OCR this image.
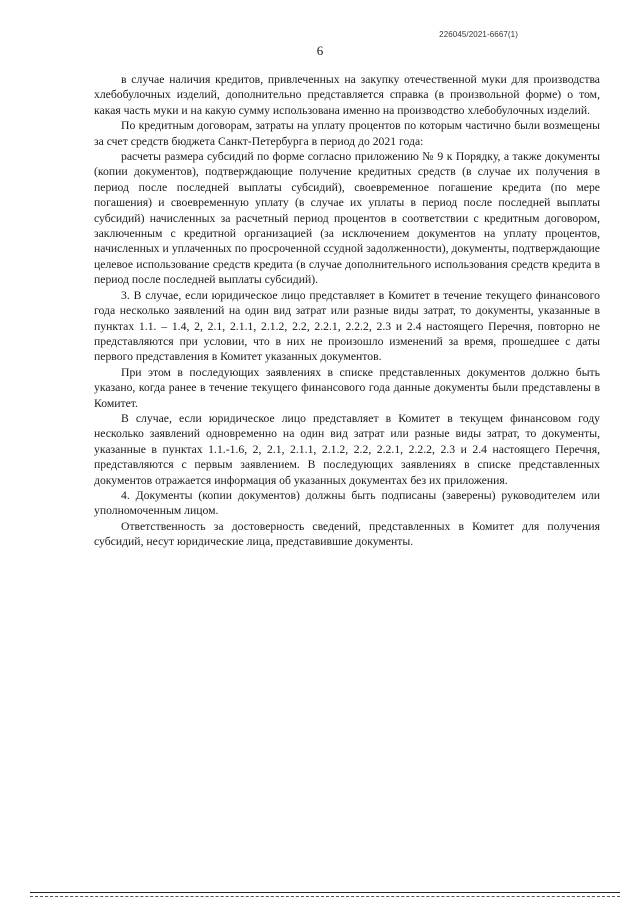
226045/2021-6667(1)
6

в случае наличия кредитов, привлеченных на закупку отечественной муки для производства хлебобулочных изделий, дополнительно представляется справка (в произвольной форме) о том, какая часть муки и на какую сумму использована именно на производство хлебобулочных изделий.

По кредитным договорам, затраты на уплату процентов по которым частично были возмещены за счет средств бюджета Санкт-Петербурга в период до 2021 года:

расчеты размера субсидий по форме согласно приложению № 9 к Порядку, а также документы (копии документов), подтверждающие получение кредитных средств (в случае их получения в период после последней выплаты субсидий), своевременное погашение кредита (по мере погашения) и своевременную уплату (в случае их уплаты в период после последней выплаты субсидий) начисленных за расчетный период процентов в соответствии с кредитным договором, заключенным с кредитной организацией (за исключением документов на уплату процентов, начисленных и уплаченных по просроченной ссудной задолженности), документы, подтверждающие целевое использование средств кредита (в случае дополнительного использования средств кредита в период после последней выплаты субсидий).

3. В случае, если юридическое лицо представляет в Комитет в течение текущего финансового года несколько заявлений на один вид затрат или разные виды затрат, то документы, указанные в пунктах 1.1. – 1.4, 2, 2.1, 2.1.1, 2.1.2, 2.2, 2.2.1, 2.2.2, 2.3 и 2.4 настоящего Перечня, повторно не представляются при условии, что в них не произошло изменений за время, прошедшее с даты первого представления в Комитет указанных документов.

При этом в последующих заявлениях в списке представленных документов должно быть указано, когда ранее в течение текущего финансового года данные документы были представлены в Комитет.

В случае, если юридическое лицо представляет в Комитет в текущем финансовом году несколько заявлений одновременно на один вид затрат или разные виды затрат, то документы, указанные в пунктах 1.1.-1.6, 2, 2.1, 2.1.1, 2.1.2, 2.2, 2.2.1, 2.2.2, 2.3 и 2.4 настоящего Перечня, представляются с первым заявлением. В последующих заявлениях в списке представленных документов отражается информация об указанных документах без их приложения.

4. Документы (копии документов) должны быть подписаны (заверены) руководителем или уполномоченным лицом.

Ответственность за достоверность сведений, представленных в Комитет для получения субсидий, несут юридические лица, представившие документы.
